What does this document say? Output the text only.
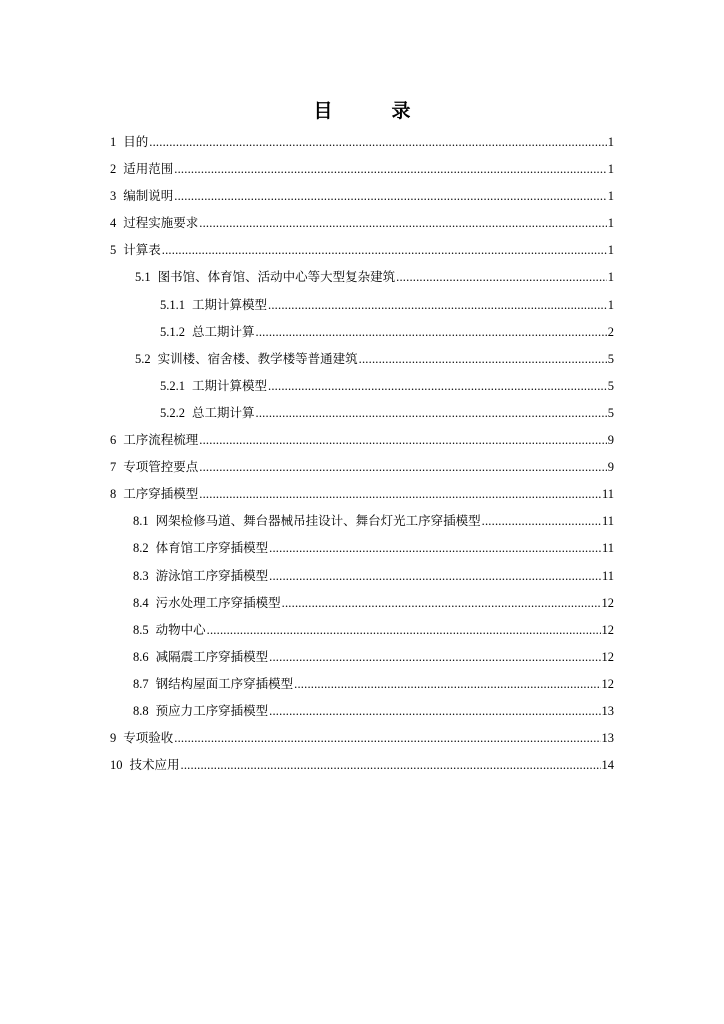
目　录
1 目的 .....	1
2 适用范围 .....	1
3 编制说明 .....	1
4 过程实施要求 .....	1
5 计算表 .....	1
5.1 图书馆、体育馆、活动中心等大型复杂建筑 .....	1
5.1.1 工期计算模型 .....	1
5.1.2 总工期计算 .....	2
5.2 实训楼、宿舍楼、教学楼等普通建筑 .....	5
5.2.1 工期计算模型 .....	5
5.2.2 总工期计算 .....	5
6 工序流程梳理 .....	9
7 专项管控要点 .....	9
8 工序穿插模型 .....	11
8.1 网架检修马道、舞台器械吊挂设计、舞台灯光工序穿插模型 .....	11
8.2 体育馆工序穿插模型 .....	11
8.3 游泳馆工序穿插模型 .....	11
8.4 污水处理工序穿插模型 .....	12
8.5 动物中心 .....	12
8.6 减隔震工序穿插模型 .....	12
8.7 钢结构屋面工序穿插模型 .....	12
8.8 预应力工序穿插模型 .....	13
9 专项验收 .....	13
10 技术应用 .....	14
